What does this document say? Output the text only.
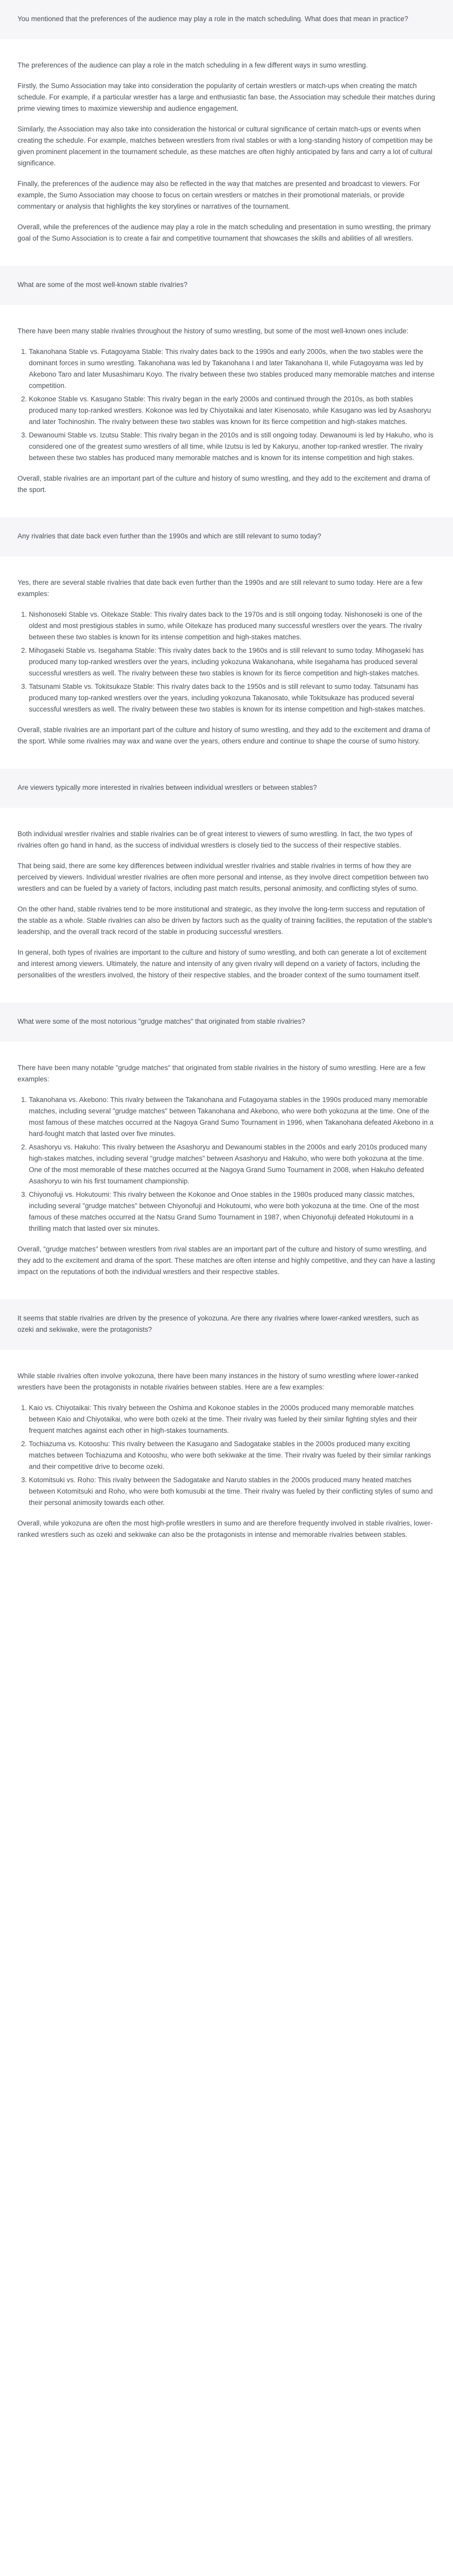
You mentioned that the preferences of the audience may play a role in the match scheduling. What does that mean in practice?

The preferences of the audience can play a role in the match scheduling in a few different ways in sumo wrestling.

Firstly, the Sumo Association may take into consideration the popularity of certain wrestlers or match-ups when creating the match schedule. For example, if a particular wrestler has a large and enthusiastic fan base, the Association may schedule their matches during prime viewing times to maximize viewership and audience engagement.

Similarly, the Association may also take into consideration the historical or cultural significance of certain match-ups or events when creating the schedule. For example, matches between wrestlers from rival stables or with a long-standing history of competition may be given prominent placement in the tournament schedule, as these matches are often highly anticipated by fans and carry a lot of cultural significance.

Finally, the preferences of the audience may also be reflected in the way that matches are presented and broadcast to viewers. For example, the Sumo Association may choose to focus on certain wrestlers or matches in their promotional materials, or provide commentary or analysis that highlights the key storylines or narratives of the tournament.

Overall, while the preferences of the audience may play a role in the match scheduling and presentation in sumo wrestling, the primary goal of the Sumo Association is to create a fair and competitive tournament that showcases the skills and abilities of all wrestlers.

What are some of the most well-known stable rivalries?

There have been many stable rivalries throughout the history of sumo wrestling, but some of the most well-known ones include:

1. Takanohana Stable vs. Futagoyama Stable: This rivalry dates back to the 1990s and early 2000s, when the two stables were the dominant forces in sumo wrestling. Takanohana was led by Takanohana I and later Takanohana II, while Futagoyama was led by Akebono Taro and later Musashimaru Koyo. The rivalry between these two stables produced many memorable matches and intense competition.
2. Kokonoe Stable vs. Kasugano Stable: This rivalry began in the early 2000s and continued through the 2010s, as both stables produced many top-ranked wrestlers. Kokonoe was led by Chiyotaikai and later Kisenosato, while Kasugano was led by Asashoryu and later Tochinoshin. The rivalry between these two stables was known for its fierce competition and high-stakes matches.
3. Dewanoumi Stable vs. Izutsu Stable: This rivalry began in the 2010s and is still ongoing today. Dewanoumi is led by Hakuho, who is considered one of the greatest sumo wrestlers of all time, while Izutsu is led by Kakuryu, another top-ranked wrestler. The rivalry between these two stables has produced many memorable matches and is known for its intense competition and high stakes.

Overall, stable rivalries are an important part of the culture and history of sumo wrestling, and they add to the excitement and drama of the sport.

Any rivalries that date back even further than the 1990s and which are still relevant to sumo today?

Yes, there are several stable rivalries that date back even further than the 1990s and are still relevant to sumo today. Here are a few examples:

1. Nishonoseki Stable vs. Oitekaze Stable: This rivalry dates back to the 1970s and is still ongoing today. Nishonoseki is one of the oldest and most prestigious stables in sumo, while Oitekaze has produced many successful wrestlers over the years. The rivalry between these two stables is known for its intense competition and high-stakes matches.
2. Mihogaseki Stable vs. Isegahama Stable: This rivalry dates back to the 1960s and is still relevant to sumo today. Mihogaseki has produced many top-ranked wrestlers over the years, including yokozuna Wakanohana, while Isegahama has produced several successful wrestlers as well. The rivalry between these two stables is known for its fierce competition and high-stakes matches.
3. Tatsunami Stable vs. Tokitsukaze Stable: This rivalry dates back to the 1950s and is still relevant to sumo today. Tatsunami has produced many top-ranked wrestlers over the years, including yokozuna Takanosato, while Tokitsukaze has produced several successful wrestlers as well. The rivalry between these two stables is known for its intense competition and high-stakes matches.

Overall, stable rivalries are an important part of the culture and history of sumo wrestling, and they add to the excitement and drama of the sport. While some rivalries may wax and wane over the years, others endure and continue to shape the course of sumo history.

Are viewers typically more interested in rivalries between individual wrestlers or between stables?

Both individual wrestler rivalries and stable rivalries can be of great interest to viewers of sumo wrestling. In fact, the two types of rivalries often go hand in hand, as the success of individual wrestlers is closely tied to the success of their respective stables.

That being said, there are some key differences between individual wrestler rivalries and stable rivalries in terms of how they are perceived by viewers. Individual wrestler rivalries are often more personal and intense, as they involve direct competition between two wrestlers and can be fueled by a variety of factors, including past match results, personal animosity, and conflicting styles of sumo.

On the other hand, stable rivalries tend to be more institutional and strategic, as they involve the long-term success and reputation of the stable as a whole. Stable rivalries can also be driven by factors such as the quality of training facilities, the reputation of the stable's leadership, and the overall track record of the stable in producing successful wrestlers.

In general, both types of rivalries are important to the culture and history of sumo wrestling, and both can generate a lot of excitement and interest among viewers. Ultimately, the nature and intensity of any given rivalry will depend on a variety of factors, including the personalities of the wrestlers involved, the history of their respective stables, and the broader context of the sumo tournament itself.

What were some of the most notorious "grudge matches" that originated from stable rivalries?

There have been many notable "grudge matches" that originated from stable rivalries in the history of sumo wrestling. Here are a few examples:

1. Takanohana vs. Akebono: This rivalry between the Takanohana and Futagoyama stables in the 1990s produced many memorable matches, including several "grudge matches" between Takanohana and Akebono, who were both yokozuna at the time. One of the most famous of these matches occurred at the Nagoya Grand Sumo Tournament in 1996, when Takanohana defeated Akebono in a hard-fought match that lasted over five minutes.
2. Asashoryu vs. Hakuho: This rivalry between the Asashoryu and Dewanoumi stables in the 2000s and early 2010s produced many high-stakes matches, including several "grudge matches" between Asashoryu and Hakuho, who were both yokozuna at the time. One of the most memorable of these matches occurred at the Nagoya Grand Sumo Tournament in 2008, when Hakuho defeated Asashoryu to win his first tournament championship.
3. Chiyonofuji vs. Hokutoumi: This rivalry between the Kokonoe and Onoe stables in the 1980s produced many classic matches, including several "grudge matches" between Chiyonofuji and Hokutoumi, who were both yokozuna at the time. One of the most famous of these matches occurred at the Natsu Grand Sumo Tournament in 1987, when Chiyonofuji defeated Hokutoumi in a thrilling match that lasted over six minutes.

Overall, "grudge matches" between wrestlers from rival stables are an important part of the culture and history of sumo wrestling, and they add to the excitement and drama of the sport. These matches are often intense and highly competitive, and they can have a lasting impact on the reputations of both the individual wrestlers and their respective stables.

It seems that stable rivalries are driven by the presence of yokozuna. Are there any rivalries where lower-ranked wrestlers, such as ozeki and sekiwake, were the protagonists?

While stable rivalries often involve yokozuna, there have been many instances in the history of sumo wrestling where lower-ranked wrestlers have been the protagonists in notable rivalries between stables. Here are a few examples:

1. Kaio vs. Chiyotaikai: This rivalry between the Oshima and Kokonoe stables in the 2000s produced many memorable matches between Kaio and Chiyotaikai, who were both ozeki at the time. Their rivalry was fueled by their similar fighting styles and their frequent matches against each other in high-stakes tournaments.
2. Tochiazuma vs. Kotooshu: This rivalry between the Kasugano and Sadogatake stables in the 2000s produced many exciting matches between Tochiazuma and Kotooshu, who were both sekiwake at the time. Their rivalry was fueled by their similar rankings and their competitive drive to become ozeki.
3. Kotomitsuki vs. Roho: This rivalry between the Sadogatake and Naruto stables in the 2000s produced many heated matches between Kotomitsuki and Roho, who were both komusubi at the time. Their rivalry was fueled by their conflicting styles of sumo and their personal animosity towards each other.

Overall, while yokozuna are often the most high-profile wrestlers in sumo and are therefore frequently involved in stable rivalries, lower-ranked wrestlers such as ozeki and sekiwake can also be the protagonists in intense and memorable rivalries between stables.
